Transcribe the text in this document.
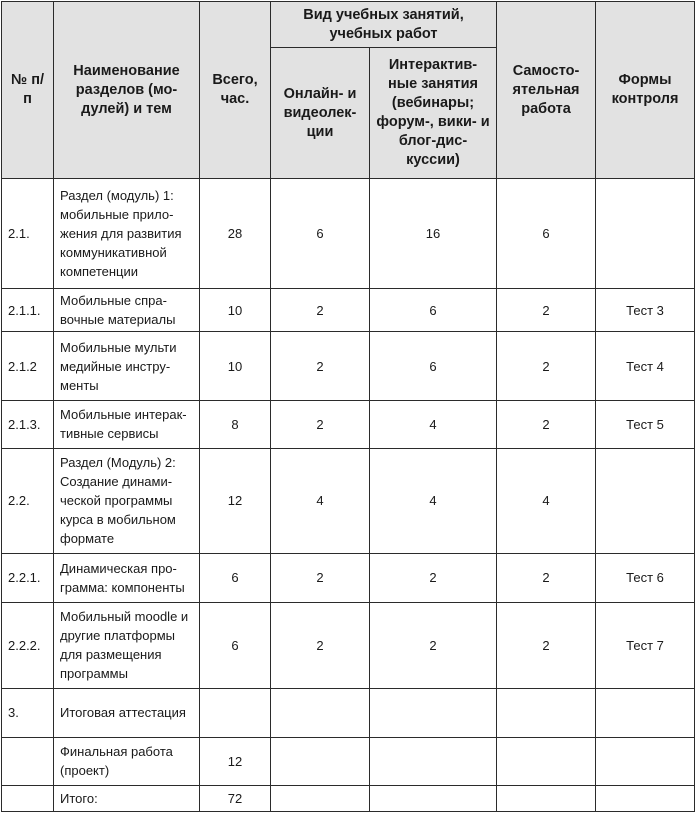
№ п/п	Наименование разделов (мо-дулей) и тем	Всего, час.	Вид учебных занятий, учебных работ		Самосто-ятельная работа	Формы контроля
			Онлайн- и видеолек-ции	Интерактив-ные занятия (вебинары; форум-, вики- и блог-дис-куссии)		
2.1.	Раздел (модуль) 1: мобильные прило-жения для развития коммуникативной компетенции	28	6	16	6	
2.1.1.	Мобильные спра-вочные материалы	10	2	6	2	Тест 3
2.1.2	Мобильные мульти медийные инстру-менты	10	2	6	2	Тест 4
2.1.3.	Мобильные интерак-тивные сервисы	8	2	4	2	Тест 5
2.2.	Раздел (Модуль) 2: Создание динами-ческой программы курса в мобильном формате	12	4	4	4	
2.2.1.	Динамическая про-грамма: компоненты	6	2	2	2	Тест 6
2.2.2.	Мобильный moodle и другие платформы для размещения программы	6	2	2	2	Тест 7
3.	Итоговая аттестация					
	Финальная работа (проект)	12				
	Итого:	72				
